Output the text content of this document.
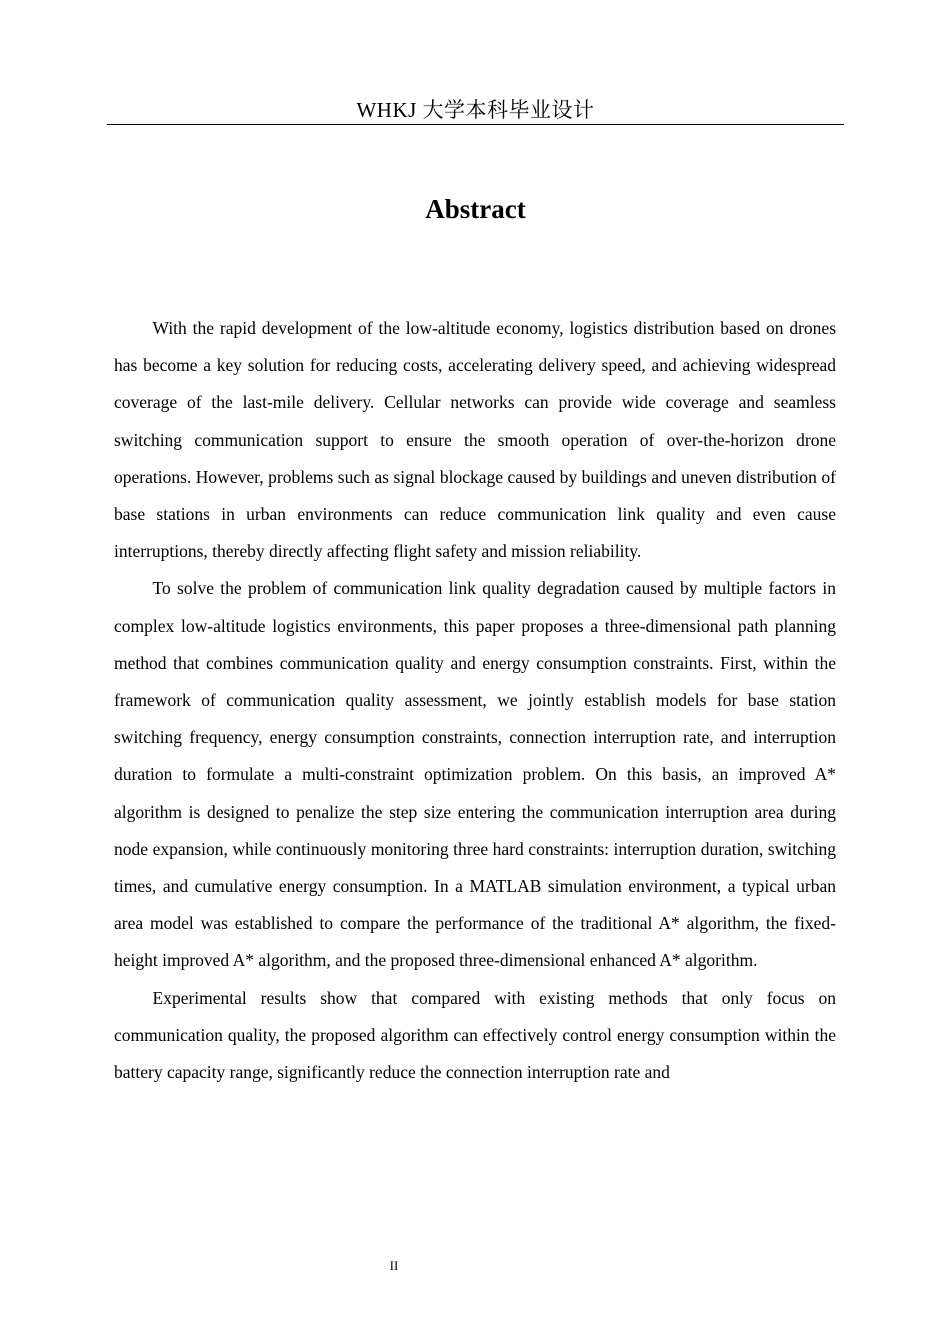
WHKJ 大学本科毕业设计
Abstract

With the rapid development of the low-altitude economy, logistics distribution based on drones has become a key solution for reducing costs, accelerating delivery speed, and achieving widespread coverage of the last-mile delivery. Cellular networks can provide wide coverage and seamless switching communication support to ensure the smooth operation of over-the-horizon drone operations. However, problems such as signal blockage caused by buildings and uneven distribution of base stations in urban environments can reduce communication link quality and even cause interruptions, thereby directly affecting flight safety and mission reliability.

To solve the problem of communication link quality degradation caused by multiple factors in complex low-altitude logistics environments, this paper proposes a three-dimensional path planning method that combines communication quality and energy consumption constraints. First, within the framework of communication quality assessment, we jointly establish models for base station switching frequency, energy consumption constraints, connection interruption rate, and interruption duration to formulate a multi-constraint optimization problem. On this basis, an improved A* algorithm is designed to penalize the step size entering the communication interruption area during node expansion, while continuously monitoring three hard constraints: interruption duration, switching times, and cumulative energy consumption. In a MATLAB simulation environment, a typical urban area model was established to compare the performance of the traditional A* algorithm, the fixed-height improved A* algorithm, and the proposed three-dimensional enhanced A* algorithm.

Experimental results show that compared with existing methods that only focus on communication quality, the proposed algorithm can effectively control energy consumption within the battery capacity range, significantly reduce the connection interruption rate and

II
